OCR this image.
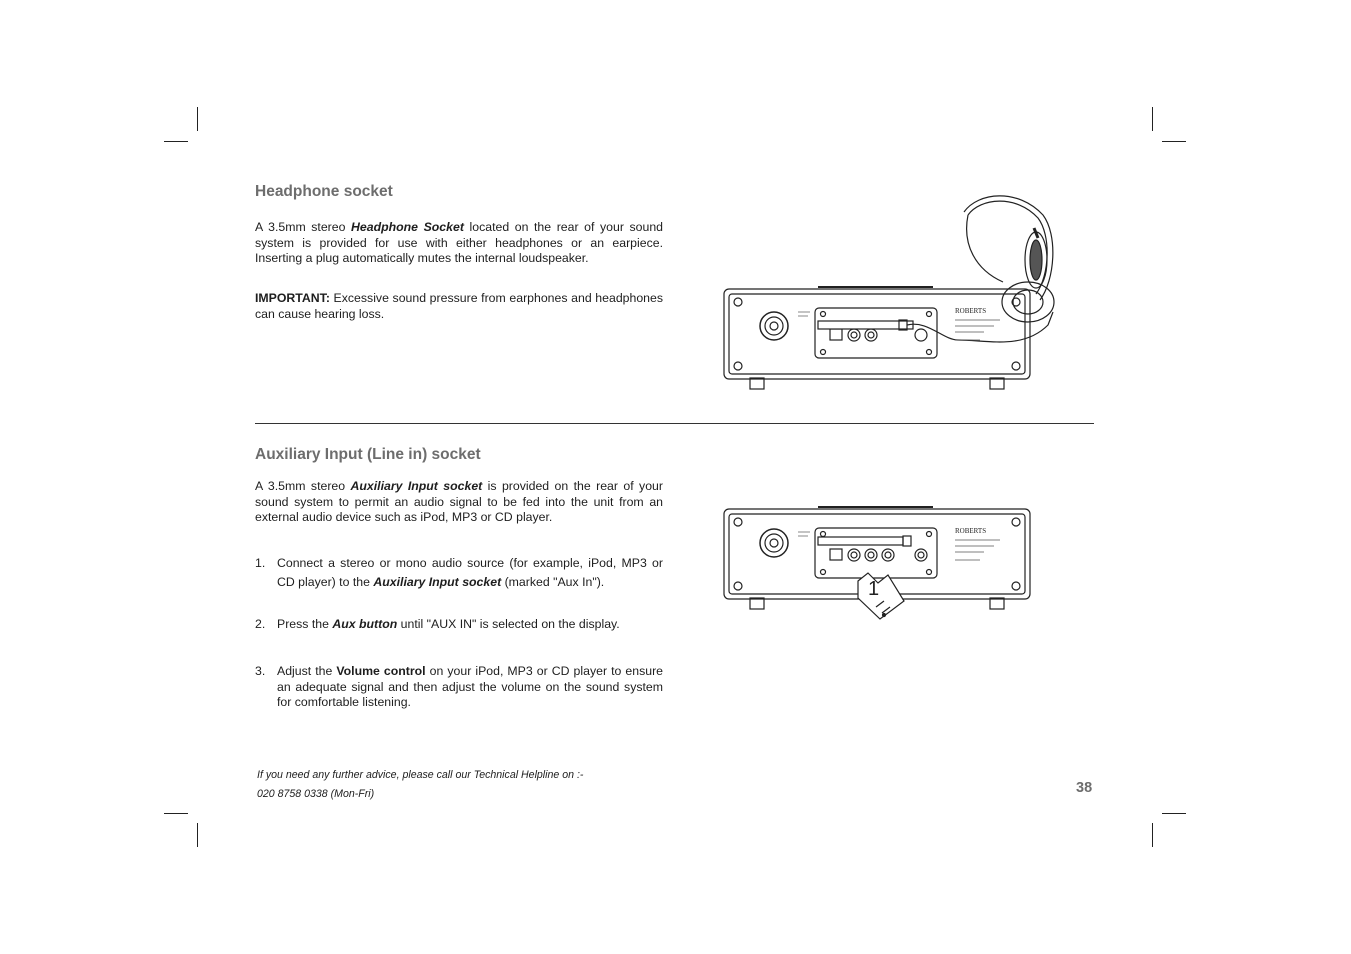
Headphone socket

A 3.5mm stereo Headphone Socket located on the rear of your sound system is provided for use with either headphones or an earpiece. Inserting a plug automatically mutes the internal loudspeaker.

IMPORTANT: Excessive sound pressure from earphones and headphones can cause hearing loss.	ROBERTS
Auxiliary Input (Line in) socket

A 3.5mm stereo Auxiliary Input socket is provided on the rear of your sound system to permit an audio signal to be fed into the unit from an external audio device such as iPod, MP3 or CD player.

1. Connect a stereo or mono audio source (for example, iPod, MP3 or CD player) to the Auxiliary Input socket (marked "Aux In").
2. Press the Aux button until "AUX IN" is selected on the display.
3. Adjust the Volume control on your iPod, MP3 or CD player to ensure an adequate signal and then adjust the volume on the sound system for comfortable listening.
1
ROBERTS
If you need any further advice, please call our Technical Helpline on :-
020 8758 0338 (Mon-Fri)	38
